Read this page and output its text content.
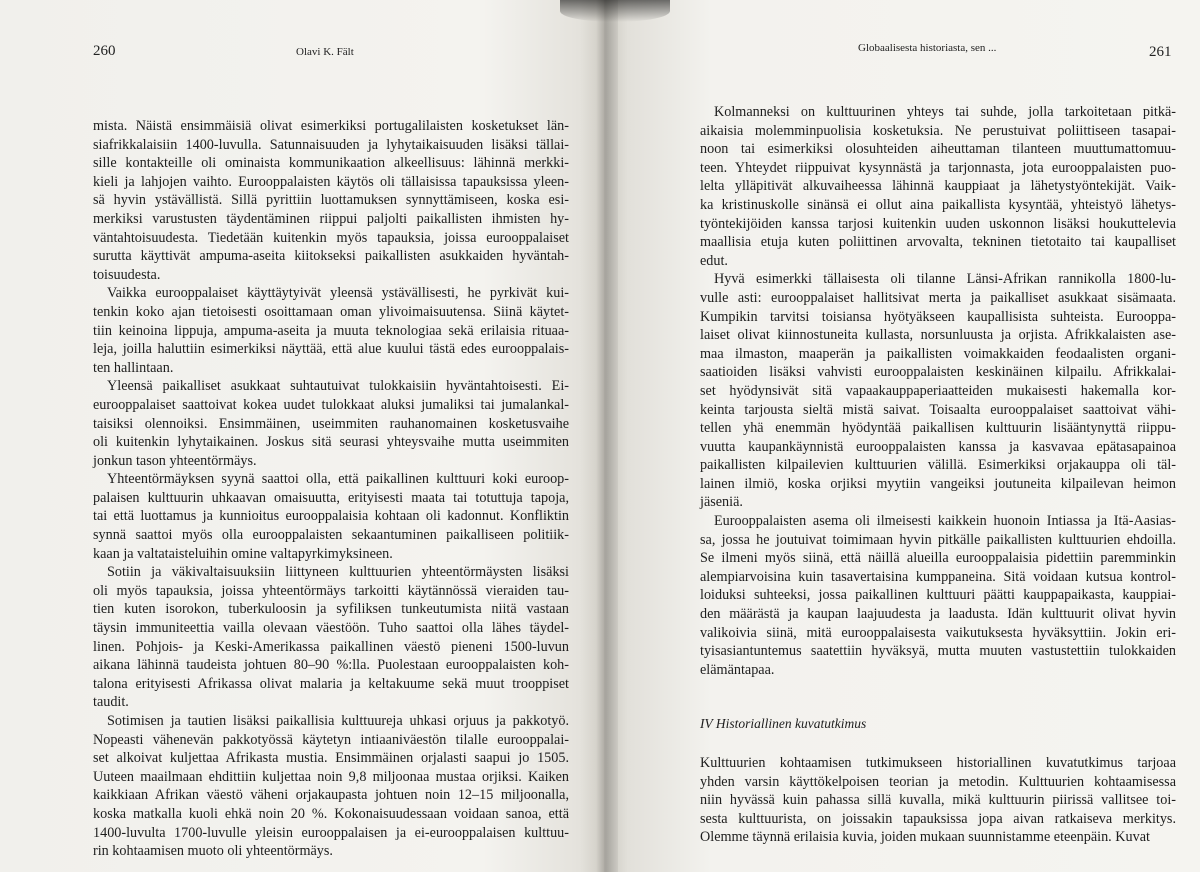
260	Olavi K. Fält

mista. Näistä ensimmäisiä olivat esimerkiksi portugalilaisten kosketukset län-
siafrikkalaisiin 1400-luvulla. Satunnaisuuden ja lyhytaikaisuuden lisäksi tällai-
sille kontakteille oli ominaista kommunikaation alkeellisuus: lähinnä merkki-
kieli ja lahjojen vaihto. Eurooppalaisten käytös oli tällaisissa tapauksissa yleen-
sä hyvin ystävällistä. Sillä pyrittiin luottamuksen synnyttämiseen, koska esi-
merkiksi varustusten täydentäminen riippui paljolti paikallisten ihmisten hy-
väntahtoisuudesta. Tiedetään kuitenkin myös tapauksia, joissa eurooppalaiset
surutta käyttivät ampuma-aseita kiitokseksi paikallisten asukkaiden hyväntah-
toisuudesta.

Vaikka eurooppalaiset käyttäytyivät yleensä ystävällisesti, he pyrkivät kui-
tenkin koko ajan tietoisesti osoittamaan oman ylivoimaisuutensa. Siinä käytet-
tiin keinoina lippuja, ampuma-aseita ja muuta teknologiaa sekä erilaisia rituaa-
leja, joilla haluttiin esimerkiksi näyttää, että alue kuului tästä edes eurooppalais-
ten hallintaan.

Yleensä paikalliset asukkaat suhtautuivat tulokkaisiin hyväntahtoisesti. Ei-
eurooppalaiset saattoivat kokea uudet tulokkaat aluksi jumaliksi tai jumalankal-
taisiksi olennoiksi. Ensimmäinen, useimmiten rauhanomainen kosketusvaihe
oli kuitenkin lyhytaikainen. Joskus sitä seurasi yhteysvaihe mutta useimmiten
jonkun tason yhteentörmäys.

Yhteentörmäyksen syynä saattoi olla, että paikallinen kulttuuri koki euroop-
palaisen kulttuurin uhkaavan omaisuutta, erityisesti maata tai totuttuja tapoja,
tai että luottamus ja kunnioitus eurooppalaisia kohtaan oli kadonnut. Konfliktin
synnä saattoi myös olla eurooppalaisten sekaantuminen paikalliseen politiik-
kaan ja valtataisteluihin omine valtapyrkimyksineen.

Sotiin ja väkivaltaisuuksiin liittyneen kulttuurien yhteentörmäysten lisäksi
oli myös tapauksia, joissa yhteentörmäys tarkoitti käytännössä vieraiden tau-
tien kuten isorokon, tuberkuloosin ja syfiliksen tunkeutumista niitä vastaan
täysin immuniteettia vailla olevaan väestöön. Tuho saattoi olla lähes täydel-
linen. Pohjois- ja Keski-Amerikassa paikallinen väestö pieneni 1500-luvun
aikana lähinnä taudeista johtuen 80–90 %:lla. Puolestaan eurooppalaisten koh-
talona erityisesti Afrikassa olivat malaria ja keltakuume sekä muut trooppiset
taudit.

Sotimisen ja tautien lisäksi paikallisia kulttuureja uhkasi orjuus ja pakkotyö.
Nopeasti vähenevän pakkotyössä käytetyn intiaaniväestön tilalle eurooppalai-
set alkoivat kuljettaa Afrikasta mustia. Ensimmäinen orjalasti saapui jo 1505.
Uuteen maailmaan ehdittiin kuljettaa noin 9,8 miljoonaa mustaa orjiksi. Kaiken
kaikkiaan Afrikan väestö väheni orjakaupasta johtuen noin 12–15 miljoonalla,
koska matkalla kuoli ehkä noin 20 %. Kokonaisuudessaan voidaan sanoa, että
1400-luvulta 1700-luvulle yleisin eurooppalaisen ja ei-eurooppalaisen kulttuu-
rin kohtaamisen muoto oli yhteentörmäys.

Globaalisesta historiasta, sen ...	261

Kolmanneksi on kulttuurinen yhteys tai suhde, jolla tarkoitetaan pitkä-
aikaisia molemminpuolisia kosketuksia. Ne perustuivat poliittiseen tasapai-
noon tai esimerkiksi olosuhteiden aiheuttaman tilanteen muuttumattomuu-
teen. Yhteydet riippuivat kysynnästä ja tarjonnasta, jota eurooppalaisten puo-
lelta ylläpitivät alkuvaiheessa lähinnä kauppiaat ja lähetystyöntekijät. Vaik-
ka kristinuskolle sinänsä ei ollut aina paikallista kysyntää, yhteistyö lähetys-
työntekijöiden kanssa tarjosi kuitenkin uuden uskonnon lisäksi houkuttelevia
maallisia etuja kuten poliittinen arvovalta, tekninen tietotaito tai kaupalliset
edut.

Hyvä esimerkki tällaisesta oli tilanne Länsi-Afrikan rannikolla 1800-lu-
vulle asti: eurooppalaiset hallitsivat merta ja paikalliset asukkaat sisämaata.
Kumpikin tarvitsi toisiansa hyötyäkseen kaupallisista suhteista. Eurooppa-
laiset olivat kiinnostuneita kullasta, norsunluusta ja orjista. Afrikkalaisten ase-
maa ilmaston, maaperän ja paikallisten voimakkaiden feodaalisten organi-
saatioiden lisäksi vahvisti eurooppalaisten keskinäinen kilpailu. Afrikkalai-
set hyödynsivät sitä vapaakauppaperiaatteiden mukaisesti hakemalla kor-
keinta tarjousta sieltä mistä saivat. Toisaalta eurooppalaiset saattoivat vähi-
tellen yhä enemmän hyödyntää paikallisen kulttuurin lisääntynyttä riippu-
vuutta kaupankäynnistä eurooppalaisten kanssa ja kasvavaa epätasapainoa
paikallisten kilpailevien kulttuurien välillä. Esimerkiksi orjakauppa oli täl-
lainen ilmiö, koska orjiksi myytiin vangeiksi joutuneita kilpailevan heimon
jäseniä.

Eurooppalaisten asema oli ilmeisesti kaikkein huonoin Intiassa ja Itä-Aasias-
sa, jossa he joutuivat toimimaan hyvin pitkälle paikallisten kulttuurien ehdoilla.
Se ilmeni myös siinä, että näillä alueilla eurooppalaisia pidettiin paremminkin
alempiarvoisina kuin tasavertaisina kumppaneina. Sitä voidaan kutsua kontrol-
loiduksi suhteeksi, jossa paikallinen kulttuuri päätti kauppapaikasta, kauppiai-
den määrästä ja kaupan laajuudesta ja laadusta. Idän kulttuurit olivat hyvin
valikoivia siinä, mitä eurooppalaisesta vaikutuksesta hyväksyttiin. Jokin eri-
tyisasiantuntemus saatettiin hyväksyä, mutta muuten vastustettiin tulokkaiden
elämäntapaa.

IV Historiallinen kuvatutkimus

Kulttuurien kohtaamisen tutkimukseen historiallinen kuvatutkimus tarjoaa
yhden varsin käyttökelpoisen teorian ja metodin. Kulttuurien kohtaamisessa
niin hyvässä kuin pahassa sillä kuvalla, mikä kulttuurin piirissä vallitsee toi-
sesta kulttuurista, on joissakin tapauksissa jopa aivan ratkaiseva merkitys.
Olemme täynnä erilaisia kuvia, joiden mukaan suunnistamme eteenpäin. Kuvat
